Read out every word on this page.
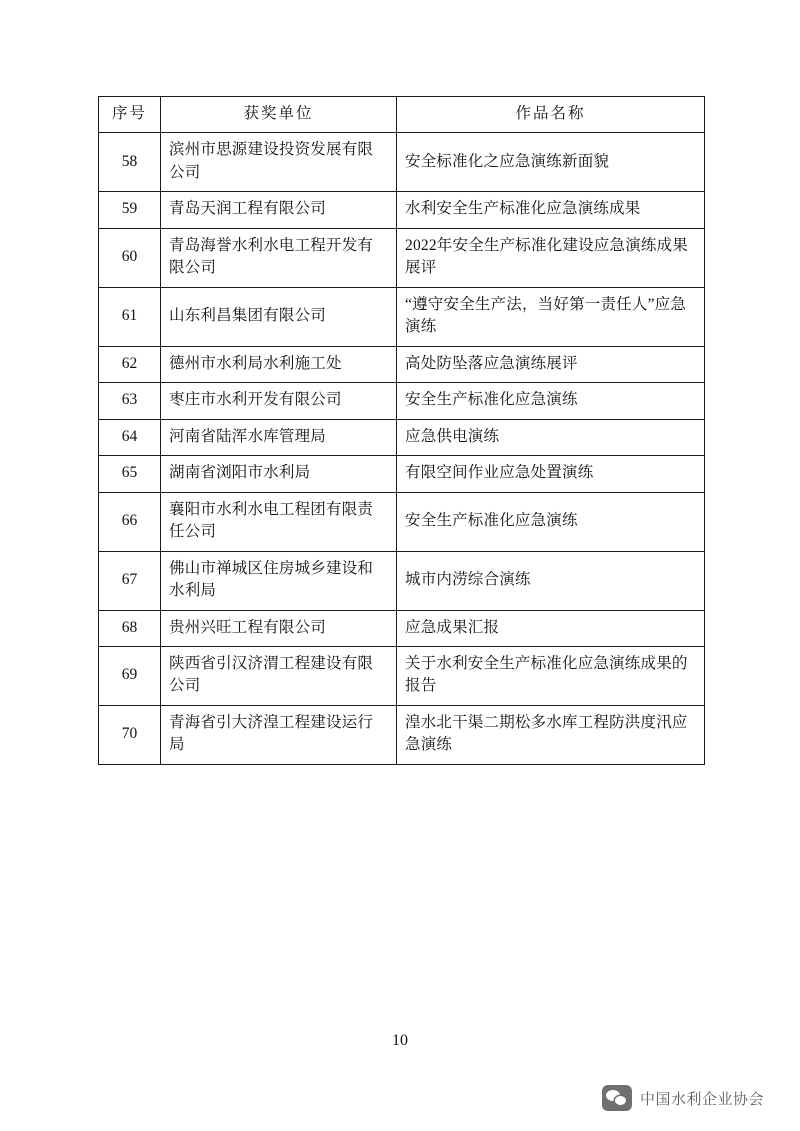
序号	获奖单位	作品名称
58	滨州市思源建设投资发展有限公司	安全标准化之应急演练新面貌
59	青岛天润工程有限公司	水利安全生产标准化应急演练成果
60	青岛海誉水利水电工程开发有限公司	2022年安全生产标准化建设应急演练成果展评
61	山东利昌集团有限公司	“遵守安全生产法，当好第一责任人”应急演练
62	德州市水利局水利施工处	高处防坠落应急演练展评
63	枣庄市水利开发有限公司	安全生产标准化应急演练
64	河南省陆浑水库管理局	应急供电演练
65	湖南省浏阳市水利局	有限空间作业应急处置演练
66	襄阳市水利水电工程团有限责任公司	安全生产标准化应急演练
67	佛山市禅城区住房城乡建设和水利局	城市内涝综合演练
68	贵州兴旺工程有限公司	应急成果汇报
69	陕西省引汉济渭工程建设有限公司	关于水利安全生产标准化应急演练成果的报告
70	青海省引大济湟工程建设运行局	湟水北干渠二期松多水库工程防洪度汛应急演练
10
中国水利企业协会
